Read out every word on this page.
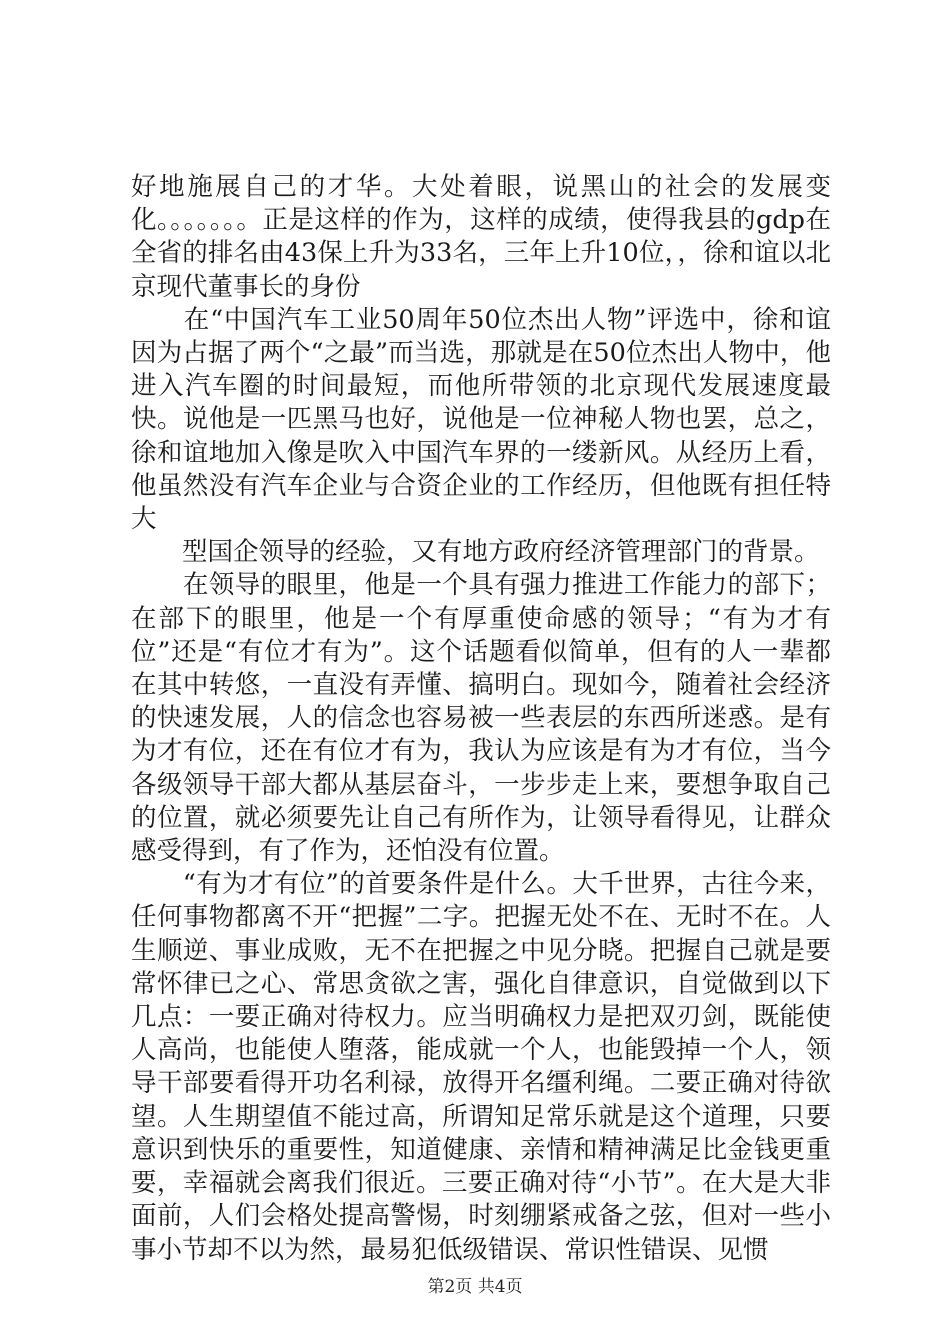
好地施展自己的才华。大处着眼，说黑山的社会的发展变化。。。。。。。正是这样的作为，这样的成绩，使得我县的gdp在全省的排名由43保上升为33名，三年上升10位，，徐和谊以北京现代董事长的身份

　　在“中国汽车工业50周年50位杰出人物”评选中，徐和谊因为占据了两个“之最”而当选，那就是在50位杰出人物中，他进入汽车圈的时间最短，而他所带领的北京现代发展速度最快。说他是一匹黑马也好，说他是一位神秘人物也罢，总之，徐和谊地加入像是吹入中国汽车界的一缕新风。从经历上看，他虽然没有汽车企业与合资企业的工作经历，但他既有担任特大

　　型国企领导的经验，又有地方政府经济管理部门的背景。

　　在领导的眼里，他是一个具有强力推进工作能力的部下；在部下的眼里，他是一个有厚重使命感的领导；“有为才有位”还是“有位才有为”。这个话题看似简单，但有的人一辈都在其中转悠，一直没有弄懂、搞明白。现如今，随着社会经济的快速发展，人的信念也容易被一些表层的东西所迷惑。是有为才有位，还在有位才有为，我认为应该是有为才有位，当今各级领导干部大都从基层奋斗，一步步走上来，要想争取自己的位置，就必须要先让自己有所作为，让领导看得见，让群众感受得到，有了作为，还怕没有位置。

　　“有为才有位”的首要条件是什么。大千世界，古往今来，任何事物都离不开“把握”二字。把握无处不在、无时不在。人生顺逆、事业成败，无不在把握之中见分晓。把握自己就是要常怀律已之心、常思贪欲之害，强化自律意识，自觉做到以下几点：一要正确对待权力。应当明确权力是把双刃剑，既能使人高尚，也能使人堕落，能成就一个人，也能毁掉一个人，领导干部要看得开功名利禄，放得开名缰利绳。二要正确对待欲望。人生期望值不能过高，所谓知足常乐就是这个道理，只要意识到快乐的重要性，知道健康、亲情和精神满足比金钱更重要，幸福就会离我们很近。三要正确对待“小节”。在大是大非面前，人们会格处提高警惕，时刻绷紧戒备之弦，但对一些小事小节却不以为然，最易犯低级错误、常识性错误、见惯

第2页 共4页
